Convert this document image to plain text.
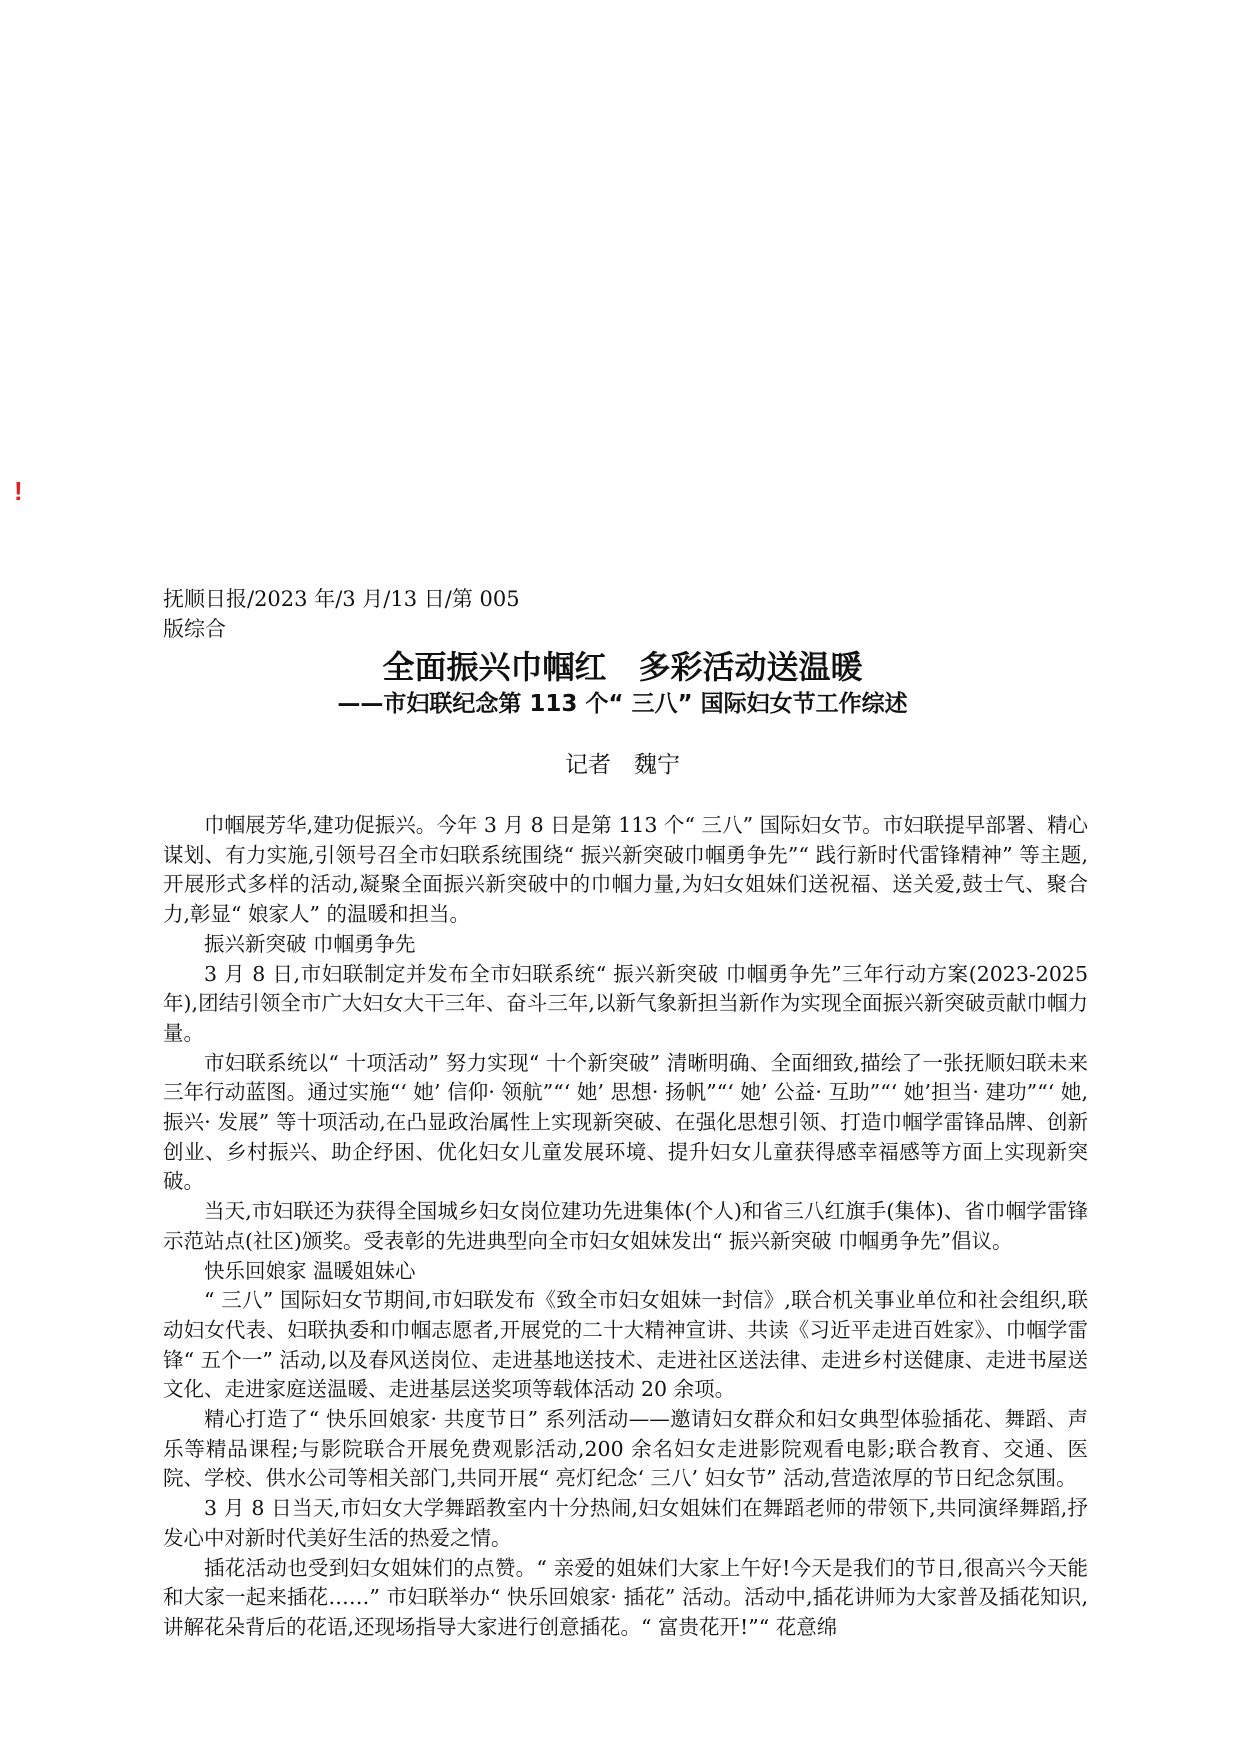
!
抚顺日报/2023 年/3 月/13 日/第 005 版综合
全面振兴巾帼红　多彩活动送温暖
——市妇联纪念第 113 个“ 三八” 国际妇女节工作综述
记者　魏宁

巾帼展芳华,建功促振兴。今年 3 月 8 日是第 113 个“ 三八” 国际妇女节。市妇联提早部署、精心谋划、有力实施,引领号召全市妇联系统围绕“ 振兴新突破巾帼勇争先”“ 践行新时代雷锋精神” 等主题,开展形式多样的活动,凝聚全面振兴新突破中的巾帼力量,为妇女姐妹们送祝福、送关爱,鼓士气、聚合力,彰显“ 娘家人” 的温暖和担当。

振兴新突破 巾帼勇争先

3 月 8 日,市妇联制定并发布全市妇联系统“ 振兴新突破 巾帼勇争先”三年行动方案(2023-2025 年),团结引领全市广大妇女大干三年、奋斗三年,以新气象新担当新作为实现全面振兴新突破贡献巾帼力量。

市妇联系统以“ 十项活动” 努力实现“ 十个新突破” 清晰明确、全面细致,描绘了一张抚顺妇联未来三年行动蓝图。通过实施“‘ 她’ 信仰· 领航”“‘ 她’ 思想· 扬帆”“‘ 她’ 公益· 互助”“‘ 她’担当· 建功”“‘ 她,振兴· 发展” 等十项活动,在凸显政治属性上实现新突破、在强化思想引领、打造巾帼学雷锋品牌、创新创业、乡村振兴、助企纾困、优化妇女儿童发展环境、提升妇女儿童获得感幸福感等方面上实现新突破。

当天,市妇联还为获得全国城乡妇女岗位建功先进集体(个人)和省三八红旗手(集体)、省巾帼学雷锋示范站点(社区)颁奖。受表彰的先进典型向全市妇女姐妹发出“ 振兴新突破 巾帼勇争先”倡议。

快乐回娘家 温暖姐妹心

“ 三八” 国际妇女节期间,市妇联发布《致全市妇女姐妹一封信》,联合机关事业单位和社会组织,联动妇女代表、妇联执委和巾帼志愿者,开展党的二十大精神宣讲、共读《习近平走进百姓家》、巾帼学雷锋“ 五个一” 活动,以及春风送岗位、走进基地送技术、走进社区送法律、走进乡村送健康、走进书屋送文化、走进家庭送温暖、走进基层送奖项等载体活动 20 余项。

精心打造了“ 快乐回娘家· 共度节日” 系列活动——邀请妇女群众和妇女典型体验插花、舞蹈、声乐等精品课程;与影院联合开展免费观影活动,200 余名妇女走进影院观看电影;联合教育、交通、医院、学校、供水公司等相关部门,共同开展“ 亮灯纪念‘ 三八’ 妇女节” 活动,营造浓厚的节日纪念氛围。

3 月 8 日当天,市妇女大学舞蹈教室内十分热闹,妇女姐妹们在舞蹈老师的带领下,共同演绎舞蹈,抒发心中对新时代美好生活的热爱之情。

插花活动也受到妇女姐妹们的点赞。“ 亲爱的姐妹们大家上午好!今天是我们的节日,很高兴今天能和大家一起来插花……” 市妇联举办“ 快乐回娘家· 插花” 活动。活动中,插花讲师为大家普及插花知识,讲解花朵背后的花语,还现场指导大家进行创意插花。“ 富贵花开!”“ 花意绵
